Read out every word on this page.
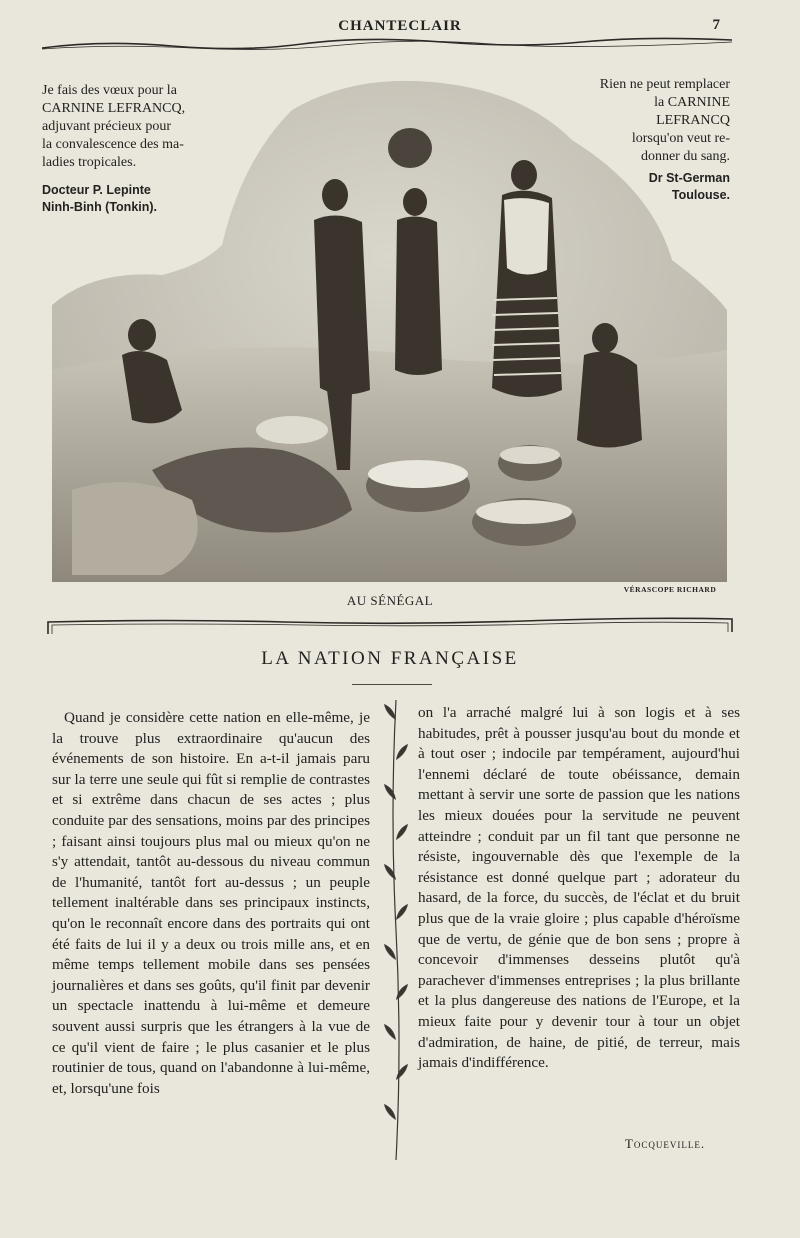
CHANTECLAIR	7

Je fais des vœux pour la

CARNINE LEFRANCQ,

adjuvant précieux pour

la convalescence des ma-

ladies tropicales.

Docteur P. Lepinte
Ninh-Binh (Tonkin).

Rien ne peut remplacer

la CARNINE

LEFRANCQ

lorsqu'on veut re-

donner du sang.

Dr St-German
Toulouse.
AU SÉNÉGAL
VÉRASCOPE RICHARD
LA NATION FRANÇAISE

Quand je considère cette nation en elle-même, je la trouve plus extraordinaire qu'aucun des événements de son histoire. En a-t-il jamais paru sur la terre une seule qui fût si remplie de contrastes et si extrême dans chacun de ses actes ; plus conduite par des sensations, moins par des principes ; faisant ainsi toujours plus mal ou mieux qu'on ne s'y attendait, tantôt au-dessous du niveau commun de l'humanité, tantôt fort au-dessus ; un peuple tellement inaltérable dans ses principaux instincts, qu'on le reconnaît encore dans des portraits qui ont été faits de lui il y a deux ou trois mille ans, et en même temps tellement mobile dans ses pensées journalières et dans ses goûts, qu'il finit par devenir un spectacle inattendu à lui-même et demeure souvent aussi surpris que les étrangers à la vue de ce qu'il vient de faire ; le plus casanier et le plus routinier de tous, quand on l'abandonne à lui-même, et, lorsqu'une fois

on l'a arraché malgré lui à son logis et à ses habitudes, prêt à pousser jusqu'au bout du monde et à tout oser ; indocile par tempérament, aujourd'hui l'ennemi déclaré de toute obéissance, demain mettant à servir une sorte de passion que les nations les mieux douées pour la servitude ne peuvent atteindre ; conduit par un fil tant que personne ne résiste, ingouvernable dès que l'exemple de la résistance est donné quelque part ; adorateur du hasard, de la force, du succès, de l'éclat et du bruit plus que de la vraie gloire ; plus capable d'héroïsme que de vertu, de génie que de bon sens ; propre à concevoir d'immenses desseins plutôt qu'à parachever d'immenses entreprises ; la plus brillante et la plus dangereuse des nations de l'Europe, et la mieux faite pour y devenir tour à tour un objet d'admiration, de haine, de pitié, de terreur, mais jamais d'indifférence.

Tocqueville.
